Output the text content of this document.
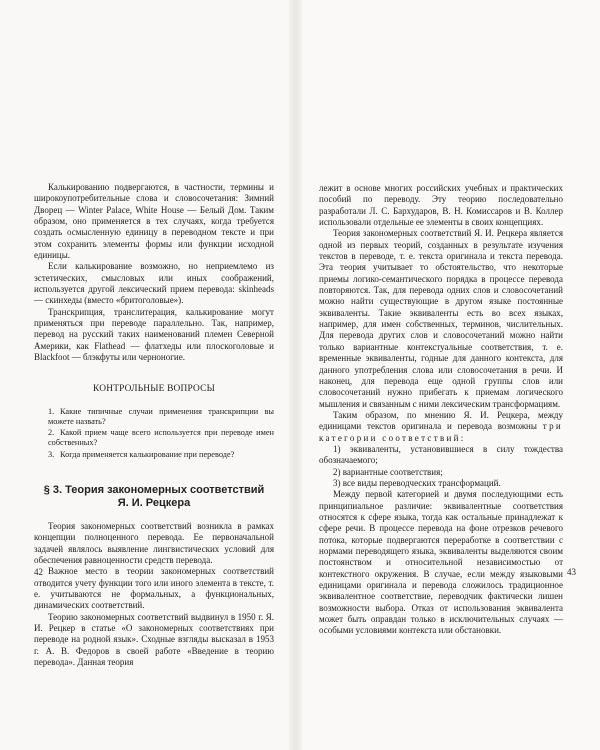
Калькированию подвергаются, в частности, термины и широкоупотребительные слова и словосочетания: Зимний Дворец — Winter Palace, White House — Белый Дом. Таким образом, оно применяется в тех случаях, когда требуется создать осмысленную единицу в переводном тексте и при этом сохранить элементы формы или функции исходной единицы.

Если калькирование возможно, но неприемлемо из эстетических, смысловых или иных соображений, используется другой лексический прием перевода: skinheads — скинхеды (вместо «бритоголовые»).

Транскрипция, транслитерация, калькирование могут применяться при переводе параллельно. Так, например, перевод на русский таких наименований племен Северной Америки, как Flathead — флатхеды или плоскоголовые и Blackfoot — блэкфуты или черноногие.

КОНТРОЛЬНЫЕ ВОПРОСЫ
1. Какие типичные случаи применения транскрипции вы можете назвать?
2. Какой прием чаще всего используется при переводе имен собственных?
3. Когда применяется калькирование при переводе?
§ 3. Теория закономерных соответствий
Я. И. Рецкера

Теория закономерных соответствий возникла в рамках концепции полноценного перевода. Ее первоначальной задачей являлось выявление лингвистических условий для обеспечения равноценности средств перевода.

Важное место в теории закономерных соответствий отводится учету функции того или иного элемента в тексте, т. е. учитываются не формальных, а функциональных, динамических соответствий.

Теорию закономерных соответствий выдвинул в 1950 г. Я. И. Рецкер в статье «О закономерных соответствиях при переводе на родной язык». Сходные взгляды высказал в 1953 г. А. В. Федоров в своей работе «Введение в теорию перевода». Данная теория

42

лежит в основе многих российских учебных и практических пособий по переводу. Эту теорию последовательно разработали Л. С. Бархударов, В. Н. Комиссаров и В. Коллер использовали отдельные ее элементы в своих концепциях.

Теория закономерных соответствий Я. И. Рецкера является одной из первых теорий, созданных в результате изучения текстов в переводе, т. е. текста оригинала и текста перевода. Эта теория учитывает то обстоятельство, что некоторые приемы логико-семантического порядка в процессе перевода повторяются. Так, для перевода одних слов и словосочетаний можно найти существующие в другом языке постоянные эквиваленты. Такие эквиваленты есть во всех языках, например, для имен собственных, терминов, числительных. Для перевода других слов и словосочетаний можно найти только вариантные контекстуальные соответствия, т. е. временные эквиваленты, годные для данного контекста, для данного употребления слова или словосочетания в речи. И наконец, для перевода еще одной группы слов или словосочетаний нужно прибегать к приемам логического мышления и связанным с ними лексическим трансформациям.

Таким образом, по мнению Я. И. Рецкера, между единицами текстов оригинала и перевода возможны три категории соответствий:

1) эквиваленты, установившиеся в силу тождества обозначаемого;

2) вариантные соответствия;

3) все виды переводческих трансформаций.

Между первой категорией и двумя последующими есть принципиальное различие: эквивалентные соответствия относятся к сфере языка, тогда как остальные принадлежат к сфере речи. В процессе перевода на фоне отрезков речевого потока, которые подвергаются переработке в соответствии с нормами переводящего языка, эквиваленты выделяются своим постоянством и относительной независимостью от контекстного окружения. В случае, если между языковыми единицами оригинала и перевода сложилось традиционное эквивалентное соответствие, переводчик фактически лишен возможности выбора. Отказ от использования эквивалента может быть оправдан только в исключительных случаях — особыми условиями контекста или обстановки.

43
